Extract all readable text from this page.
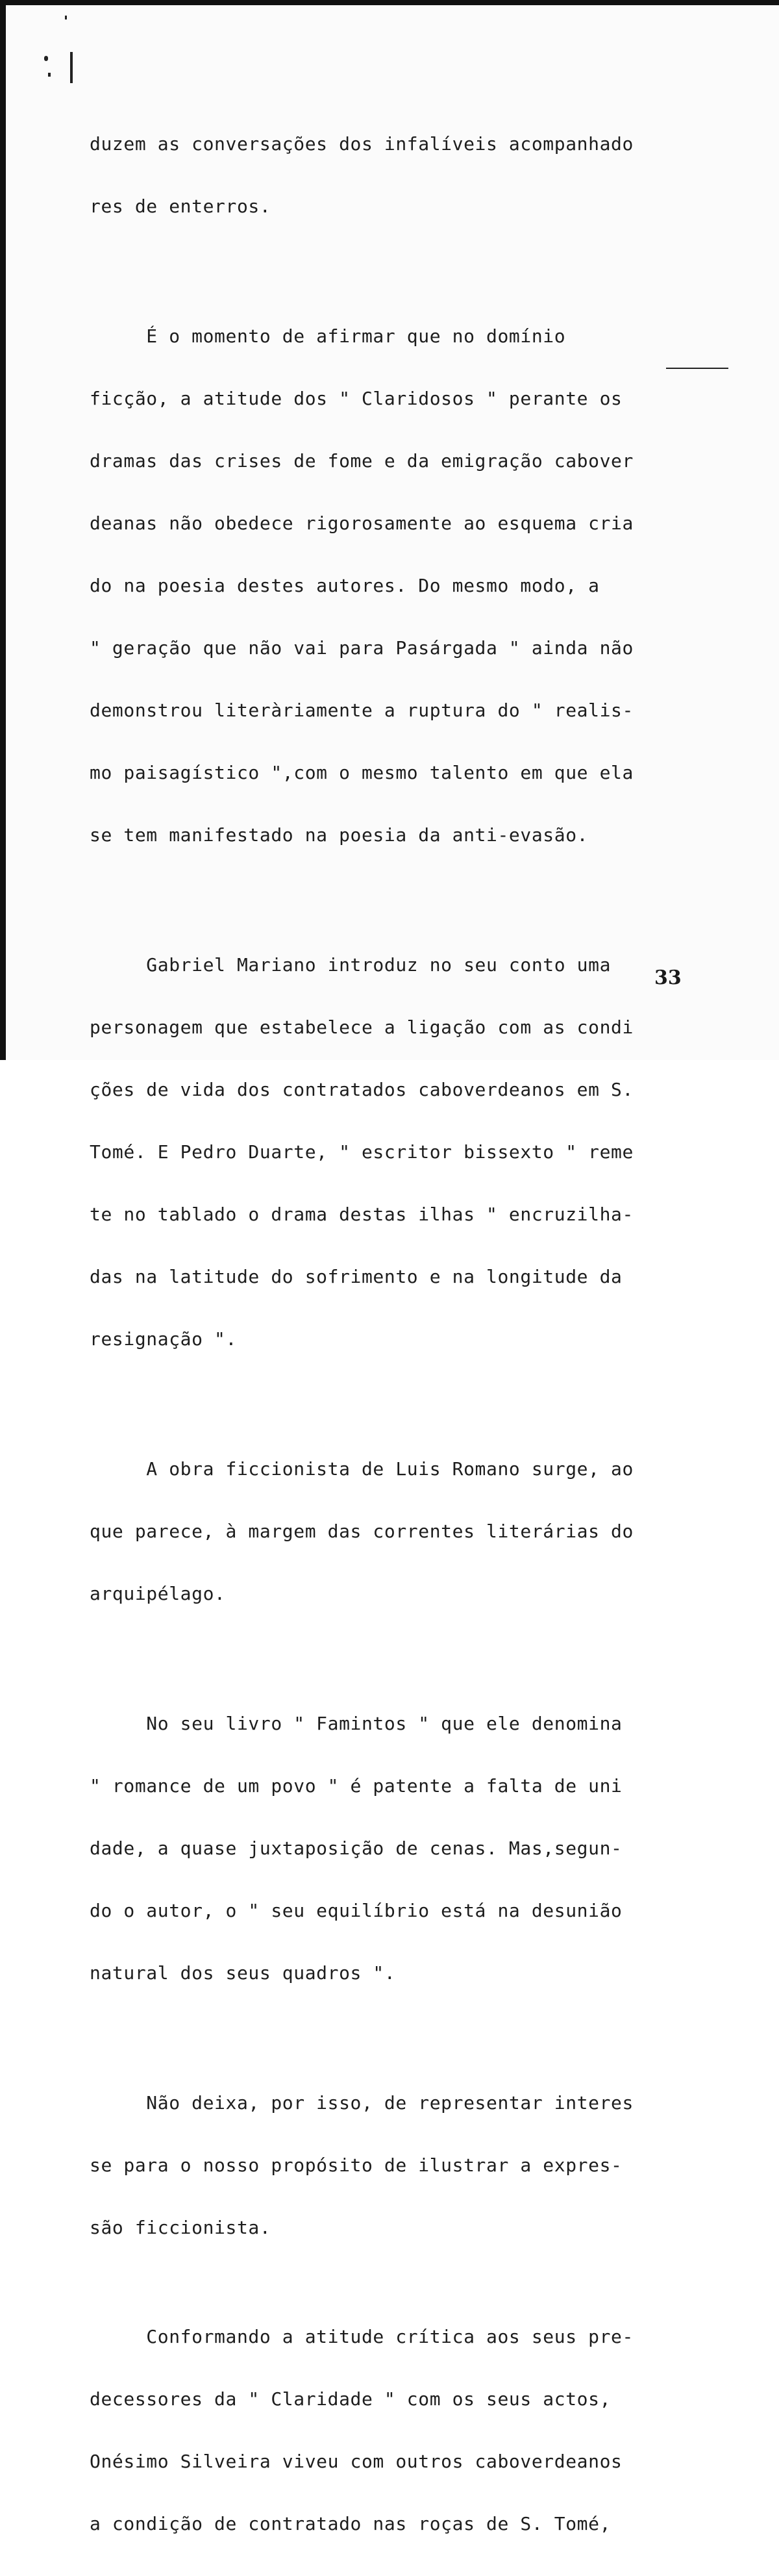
duzem as conversações dos infalíveis acompanhado

res de enterros.

É o momento de afirmar que no domínio

ficção, a atitude dos " Claridosos " perante os

dramas das crises de fome e da emigração cabover

deanas não obedece rigorosamente ao esquema cria

do na poesia destes autores. Do mesmo modo, a

" geração que não vai para Pasárgada " ainda não

demonstrou literàriamente a ruptura do " realis-

mo paisagístico ",com o mesmo talento em que ela

se tem manifestado na poesia da anti-evasão.

Gabriel Mariano introduz no seu conto uma

personagem que estabelece a ligação com as condi

ções de vida dos contratados caboverdeanos em S.

Tomé. E Pedro Duarte, " escritor bissexto " reme

te no tablado o drama destas ilhas " encruzilha-

das na latitude do sofrimento e na longitude da

resignação ".

A obra ficcionista de Luis Romano surge, ao

que parece, à margem das correntes literárias do

arquipélago.

No seu livro " Famintos " que ele denomina

" romance de um povo " é patente a falta de uni

dade, a quase juxtaposição de cenas. Mas,segun-

do o autor, o " seu equilíbrio está na desunião

natural dos seus quadros ".

Não deixa, por isso, de representar interes

se para o nosso propósito de ilustrar a expres-

são ficcionista.

Conformando a atitude crítica aos seus pre-

decessores da " Claridade " com os seus actos,

Onésimo Silveira viveu com outros caboverdeanos

a condição de contratado nas roças de S. Tomé,

33
